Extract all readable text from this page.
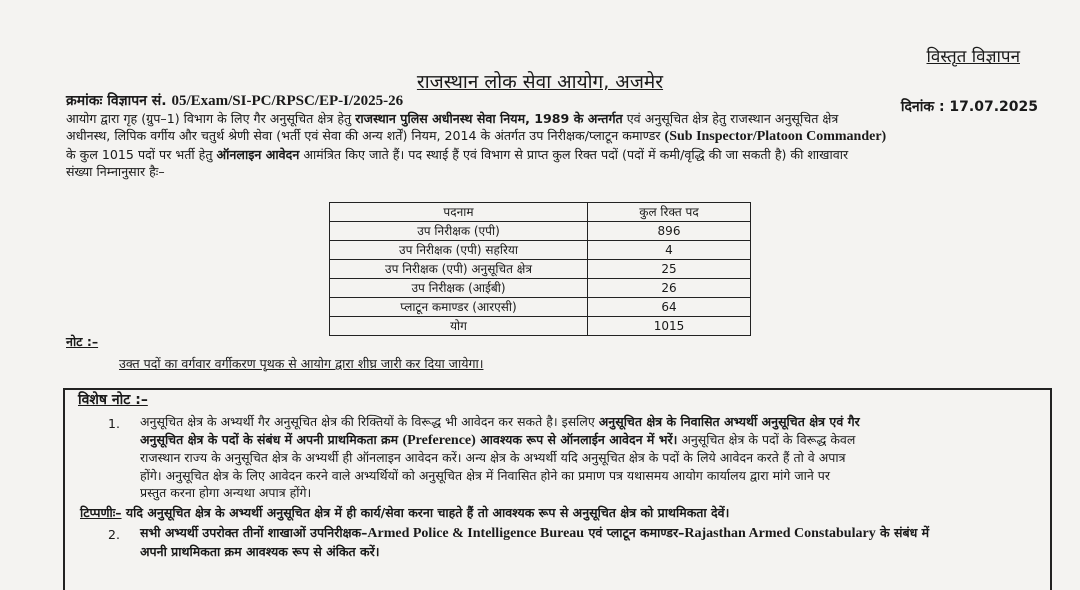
विस्तृत विज्ञापन
राजस्थान लोक सेवा आयोग, अजमेर
क्रमांकः विज्ञापन सं. 05/Exam/SI-PC/RPSC/EP-I/2025-26	दिनांक : 17.07.2025
आयोग द्वारा गृह (ग्रुप–1) विभाग के लिए गैर अनुसूचित क्षेत्र हेतु राजस्थान पुलिस अधीनस्थ सेवा नियम, 1989 के अन्तर्गत एवं अनुसूचित क्षेत्र हेतु राजस्थान अनुसूचित क्षेत्र
अधीनस्थ, लिपिक वर्गीय और चतुर्थ श्रेणी सेवा (भर्ती एवं सेवा की अन्य शर्तें) नियम, 2014 के अंतर्गत उप निरीक्षक/प्लाटून कमाण्डर (Sub Inspector/Platoon Commander)
के कुल 1015 पदों पर भर्ती हेतु ऑनलाइन आवेदन आमंत्रित किए जाते हैं। पद स्थाई हैं एवं विभाग से प्राप्त कुल रिक्त पदों (पदों में कमी/वृद्धि की जा सकती है) की शाखावार
संख्या निम्नानुसार हैः–
पदनाम	कुल रिक्त पद
उप निरीक्षक (एपी)	896
उप निरीक्षक (एपी) सहरिया	4
उप निरीक्षक (एपी) अनुसूचित क्षेत्र	25
उप निरीक्षक (आईबी)	26
प्लाटून कमाण्डर (आरएसी)	64
योग	1015
नोट :–
उक्त पदों का वर्गवार वर्गीकरण पृथक से आयोग द्वारा शीघ्र जारी कर दिया जायेगा।
विशेष नोट :–
1. अनुसूचित क्षेत्र के अभ्यर्थी गैर अनुसूचित क्षेत्र की रिक्तियों के विरूद्ध भी आवेदन कर सकते है। इसलिए अनुसूचित क्षेत्र के निवासित अभ्यर्थी अनुसूचित क्षेत्र एवं गैर
अनुसूचित क्षेत्र के पदों के संबंध में अपनी प्राथमिकता क्रम (Preference) आवश्यक रूप से ऑनलाईन आवेदन में भरें। अनुसूचित क्षेत्र के पदों के विरूद्ध केवल
राजस्थान राज्य के अनुसूचित क्षेत्र के अभ्यर्थी ही ऑनलाइन आवेदन करें। अन्य क्षेत्र के अभ्यर्थी यदि अनुसूचित क्षेत्र के पदों के लिये आवेदन करते हैं तो वे अपात्र
होंगे। अनुसूचित क्षेत्र के लिए आवेदन करने वाले अभ्यर्थियों को अनुसूचित क्षेत्र में निवासित होने का प्रमाण पत्र यथासमय आयोग कार्यालय द्वारा मांगे जाने पर
प्रस्तुत करना होगा अन्यथा अपात्र होंगे।
टिप्पणीः– यदि अनुसूचित क्षेत्र के अभ्यर्थी अनुसूचित क्षेत्र में ही कार्य/सेवा करना चाहते हैं तो आवश्यक रूप से अनुसूचित क्षेत्र को प्राथमिकता देवें।
2. सभी अभ्यर्थी उपरोक्त तीनों शाखाओं उपनिरीक्षक–Armed Police & Intelligence Bureau एवं प्लाटून कमाण्डर–Rajasthan Armed Constabulary के संबंध में
अपनी प्राथमिकता क्रम आवश्यक रूप से अंकित करें।
